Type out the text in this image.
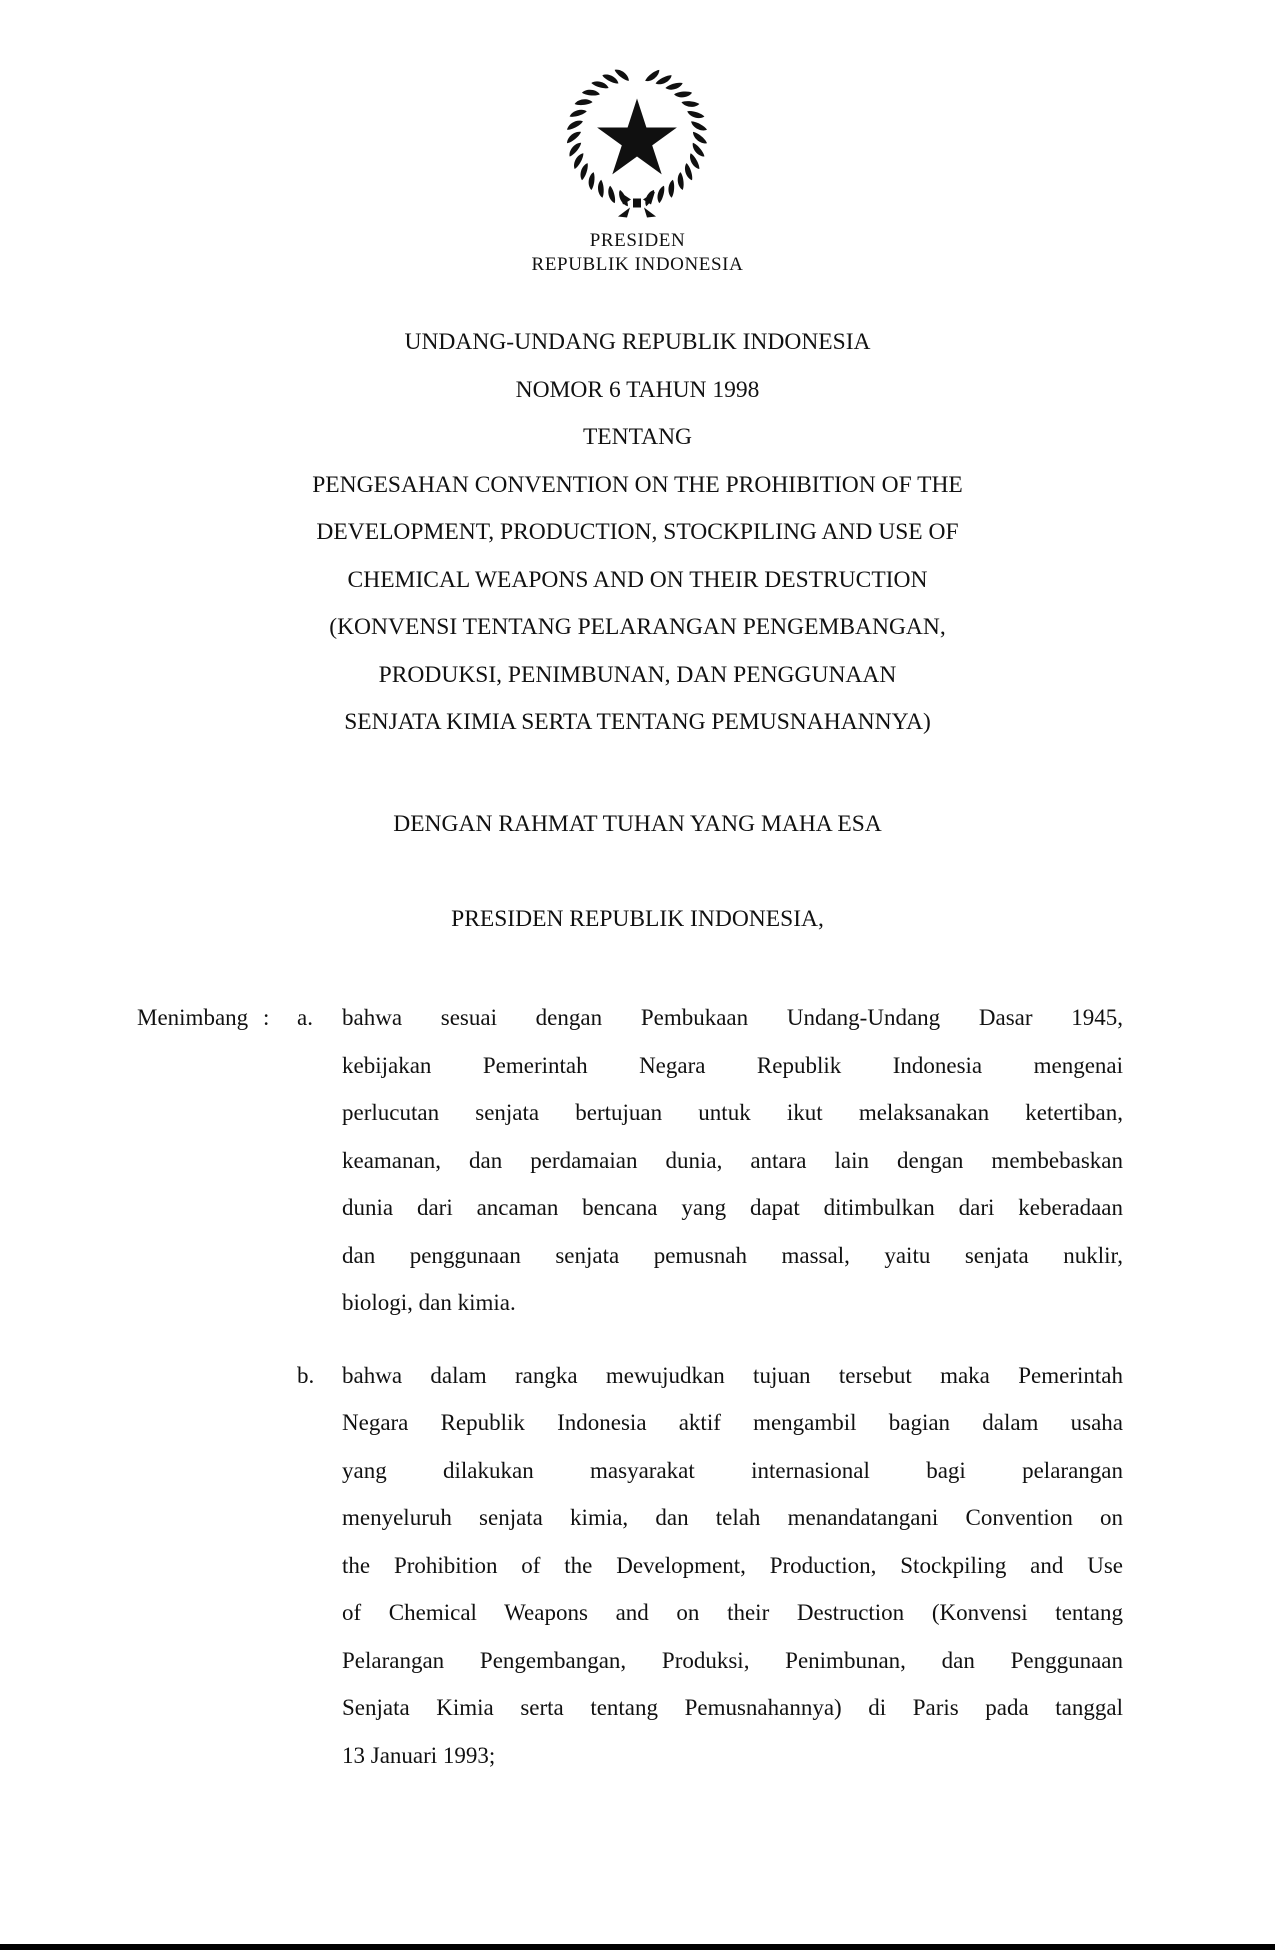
PRESIDEN
REPUBLIK INDONESIA
UNDANG-UNDANG REPUBLIK INDONESIA
NOMOR 6 TAHUN 1998
TENTANG
PENGESAHAN CONVENTION ON THE PROHIBITION OF THE
DEVELOPMENT, PRODUCTION, STOCKPILING AND USE OF
CHEMICAL WEAPONS AND ON THEIR DESTRUCTION
(KONVENSI TENTANG PELARANGAN PENGEMBANGAN,
PRODUKSI, PENIMBUNAN, DAN PENGGUNAAN
SENJATA KIMIA SERTA TENTANG PEMUSNAHANNYA)
DENGAN RAHMAT TUHAN YANG MAHA ESA
PRESIDEN REPUBLIK INDONESIA,
Menimbang : a. bahwa sesuai dengan Pembukaan Undang-Undang Dasar 1945,
kebijakan Pemerintah Negara Republik Indonesia mengenai
perlucutan senjata bertujuan untuk ikut melaksanakan ketertiban,
keamanan, dan perdamaian dunia, antara lain dengan membebaskan
dunia dari ancaman bencana yang dapat ditimbulkan dari keberadaan
dan penggunaan senjata pemusnah massal, yaitu senjata nuklir,
biologi, dan kimia.
b. bahwa dalam rangka mewujudkan tujuan tersebut maka Pemerintah
Negara Republik Indonesia aktif mengambil bagian dalam usaha
yang dilakukan masyarakat internasional bagi pelarangan
menyeluruh senjata kimia, dan telah menandatangani Convention on
the Prohibition of the Development, Production, Stockpiling and Use
of Chemical Weapons and on their Destruction (Konvensi tentang
Pelarangan Pengembangan, Produksi, Penimbunan, dan Penggunaan
Senjata Kimia serta tentang Pemusnahannya) di Paris pada tanggal
13 Januari 1993;
